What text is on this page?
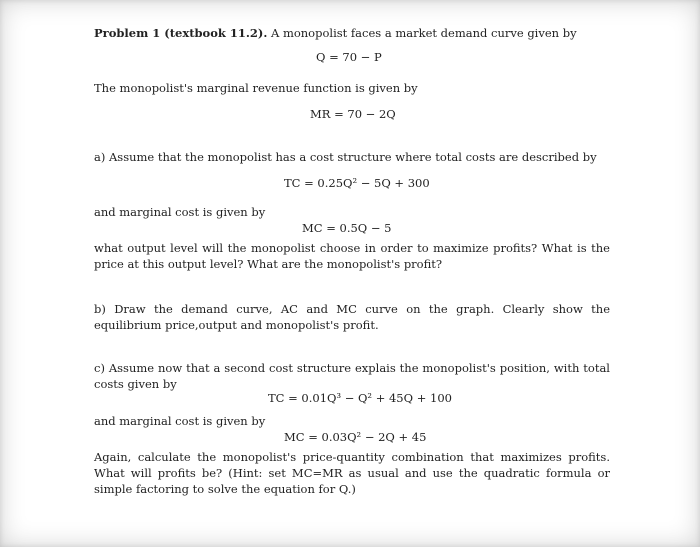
Problem 1 (textbook 11.2). A monopolist faces a market demand curve given by
Q = 70 − P
The monopolist's marginal revenue function is given by
MR = 70 − 2Q
a) Assume that the monopolist has a cost structure where total costs are described by
TC = 0.25Q² − 5Q + 300
and marginal cost is given by
MC = 0.5Q − 5
what output level will the monopolist choose in order to maximize profits? What is the price at this output level? What are the monopolist's profit?
b) Draw the demand curve, AC and MC curve on the graph. Clearly show the equilibrium price,output and monopolist's profit.
c) Assume now that a second cost structure explais the monopolist's position, with total costs given by
TC = 0.01Q³ − Q² + 45Q + 100
and marginal cost is given by
MC = 0.03Q² − 2Q + 45
Again, calculate the monopolist's price-quantity combination that maximizes profits. What will profits be? (Hint: set MC=MR as usual and use the quadratic formula or simple factoring to solve the equation for Q.)
